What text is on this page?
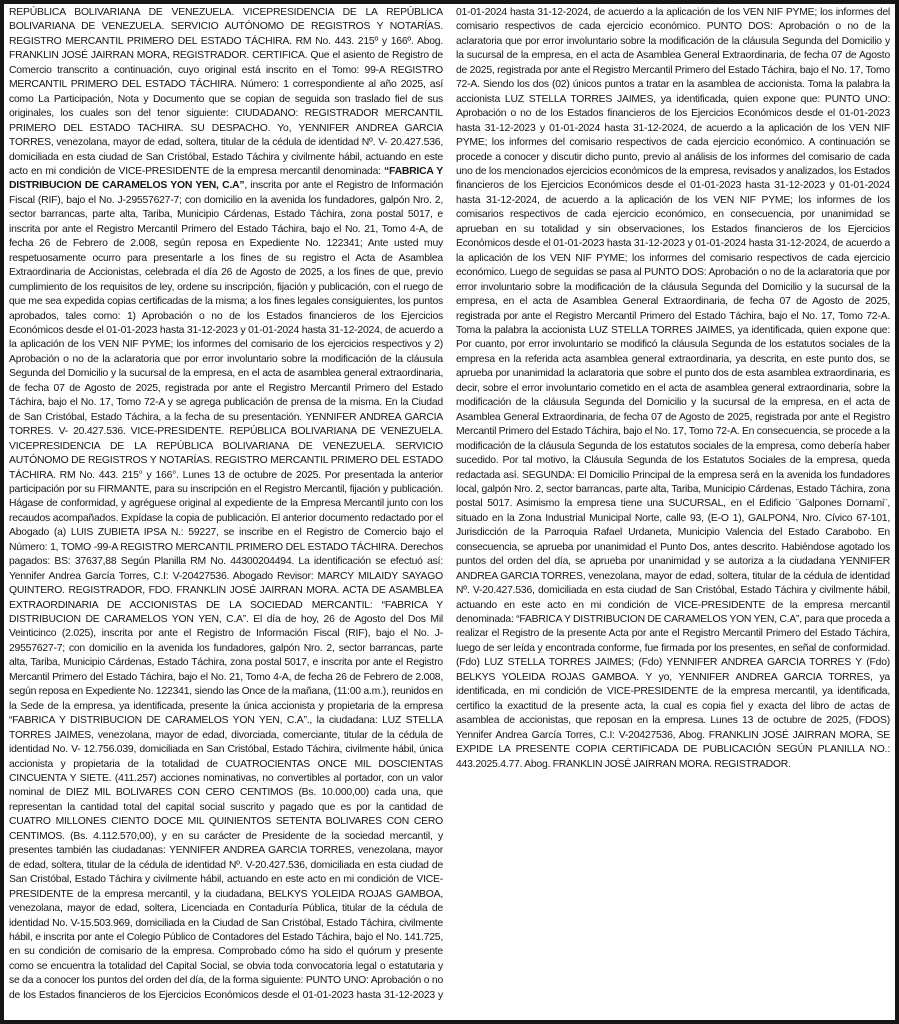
REPÚBLICA BOLIVARIANA DE VENEZUELA. VICEPRESIDENCIA DE LA REPÚBLICA BOLIVARIANA DE VENEZUELA. SERVICIO AUTÓNOMO DE REGISTROS Y NOTARÍAS. REGISTRO MERCANTIL PRIMERO DEL ESTADO TÁCHIRA. RM No. 443. 215º y 166º. Abog. FRANKLIN JOSÉ JAIRRAN MORA, REGISTRADOR. CERTIFICA. Que el asiento de Registro de Comercio transcrito a continuación, cuyo original está inscrito en el Tomo: 99-A REGISTRO MERCANTIL PRIMERO DEL ESTADO TÁCHIRA. Número: 1 correspondiente al año 2025, así como La Participación, Nota y Documento que se copian de seguida son traslado fiel de sus originales, los cuales son del tenor siguiente: CIUDADANO: REGISTRADOR MERCANTIL PRIMERO DEL ESTADO TACHIRA. SU DESPACHO. Yo, YENNIFER ANDREA GARCIA TORRES, venezolana, mayor de edad, soltera, titular de la cédula de identidad Nº. V- 20.427.536, domiciliada en esta ciudad de San Cristóbal, Estado Táchira y civilmente hábil, actuando en este acto en mi condición de VICE-PRESIDENTE de la empresa mercantil denominada: “FABRICA Y DISTRIBUCION DE CARAMELOS YON YEN, C.A”, inscrita por ante el Registro de Información Fiscal (RIF), bajo el No. J-29557627-7; con domicilio en la avenida los fundadores, galpón Nro. 2, sector barrancas, parte alta, Tariba, Municipio Cárdenas, Estado Táchira, zona postal 5017, e inscrita por ante el Registro Mercantil Primero del Estado Táchira, bajo el No. 21, Tomo 4-A, de fecha 26 de Febrero de 2.008, según reposa en Expediente No. 122341; Ante usted muy respetuosamente ocurro para presentarle a los fines de su registro el Acta de Asamblea Extraordinaria de Accionistas, celebrada el día 26 de Agosto de 2025, a los fines de que, previo cumplimiento de los requisitos de ley, ordene su inscripción, fijación y publicación, con el ruego de que me sea expedida copias certificadas de la misma; a los fines legales consiguientes, los puntos aprobados, tales como: 1) Aprobación o no de los Estados financieros de los Ejercicios Económicos desde el 01-01-2023 hasta 31-12-2023 y 01-01-2024 hasta 31-12-2024, de acuerdo a la aplicación de los VEN NIF PYME; los informes del comisario de los ejercicios respectivos y 2) Aprobación o no de la aclaratoria que por error involuntario sobre la modificación de la cláusula Segunda del Domicilio y la sucursal de la empresa, en el acta de asamblea general extraordinaria, de fecha 07 de Agosto de 2025, registrada por ante el Registro Mercantil Primero del Estado Táchira, bajo el No. 17, Tomo 72-A y se agrega publicación de prensa de la misma. En la Ciudad de San Cristóbal, Estado Táchira, a la fecha de su presentación. YENNIFER ANDREA GARCIA TORRES. V- 20.427.536. VICE-PRESIDENTE. REPÚBLICA BOLIVARIANA DE VENEZUELA. VICEPRESIDENCIA DE LA REPÚBLICA BOLIVARIANA DE VENEZUELA. SERVICIO AUTÓNOMO DE REGISTROS Y NOTARÍAS. REGISTRO MERCANTIL PRIMERO DEL ESTADO TÁCHIRA. RM No. 443. 215° y 166°. Lunes 13 de octubre de 2025. Por presentada la anterior participación por su FIRMANTE, para su inscripción en el Registro Mercantil, fijación y publicación. Hágase de conformidad, y agréguese original al expediente de la Empresa Mercantil junto con los recaudos acompañados. Expídase la copia de publicación. El anterior documento redactado por el Abogado (a) LUIS ZUBIETA IPSA N.: 59227, se inscribe en el Registro de Comercio bajo el Número: 1, TOMO -99-A REGISTRO MERCANTIL PRIMERO DEL ESTADO TÁCHIRA. Derechos pagados: BS: 37637,88 Según Planilla RM No. 44300204494. La identificación se efectuó así: Yennifer Andrea García Torres, C.I: V-20427536. Abogado Revisor: MARCY MILAIDY SAYAGO QUINTERO. REGISTRADOR, FDO. FRANKLIN JOSÉ JAIRRAN MORA. ACTA DE ASAMBLEA EXTRAORDINARIA DE ACCIONISTAS DE LA SOCIEDAD MERCANTIL: “FABRICA Y DISTRIBUCION DE CARAMELOS YON YEN, C.A”. El día de hoy, 26 de Agosto del Dos Mil Veinticinco (2.025), inscrita por ante el Registro de Información Fiscal (RIF), bajo el No. J-29557627-7; con domicilio en la avenida los fundadores, galpón Nro. 2, sector barrancas, parte alta, Tariba, Municipio Cárdenas, Estado Táchira, zona postal 5017, e inscrita por ante el Registro Mercantil Primero del Estado Táchira, bajo el No. 21, Tomo 4-A, de fecha 26 de Febrero de 2.008, según reposa en Expediente No. 122341, siendo las Once de la mañana, (11:00 a.m.), reunidos en la Sede de la empresa, ya identificada, presente la única accionista y propietaria de la empresa “FABRICA Y DISTRIBUCION DE CARAMELOS YON YEN, C.A”., la ciudadana: LUZ STELLA TORRES JAIMES, venezolana, mayor de edad, divorciada, comerciante, titular de la cédula de identidad No. V- 12.756.039, domiciliada en San Cristóbal, Estado Táchira, civilmente hábil, única accionista y propietaria de la totalidad de CUATROCIENTAS ONCE MIL DOSCIENTAS CINCUENTA Y SIETE. (411.257) acciones nominativas, no convertibles al portador, con un valor nominal de DIEZ MIL BOLIVARES CON CERO CENTIMOS (Bs. 10.000,00) cada una, que representan la cantidad total del capital social suscrito y pagado que es por la cantidad de CUATRO MILLONES CIENTO DOCE MIL QUINIENTOS SETENTA BOLIVARES CON CERO CENTIMOS. (Bs. 4.112.570,00), y en su carácter de Presidente de la sociedad mercantil, y presentes también las ciudadanas: YENNIFER ANDREA GARCIA TORRES, venezolana, mayor de edad, soltera, titular de la cédula de identidad Nº. V-20.427.536, domiciliada en esta ciudad de San Cristóbal, Estado Táchira y civilmente hábil, actuando en este acto en mi condición de VICE-PRESIDENTE de la empresa mercantil, y la ciudadana, BELKYS YOLEIDA ROJAS GAMBOA, venezolana, mayor de edad, soltera, Licenciada en Contaduría Pública, titular de la cédula de identidad No. V-15.503.969, domiciliada en la Ciudad de San Cristóbal, Estado Táchira, civilmente hábil, e inscrita por ante el Colegio Público de Contadores del Estado Táchira, bajo el No. 141.725, en su condición de comisario de la empresa. Comprobado cómo ha sido el quórum y presente como se encuentra la totalidad del Capital Social, se obvia toda convocatoria legal o estatutaria y se da a conocer los puntos del orden del día, de la forma siguiente: PUNTO UNO: Aprobación o no de los Estados financieros de los Ejercicios Económicos desde el 01-01-2023 hasta 31-12-2023 y 01-01-2024 hasta 31-12-2024, de acuerdo a la aplicación de los VEN NIF PYME; los informes del comisario respectivos de cada ejercicio económico. PUNTO DOS: Aprobación o no de la aclaratoria que por error involuntario sobre la modificación de la cláusula Segunda del Domicilio y la sucursal de la empresa, en el acta de Asamblea General Extraordinaria, de fecha 07 de Agosto de 2025, registrada por ante el Registro Mercantil Primero del Estado Táchira, bajo el No. 17, Tomo 72-A. Siendo los dos (02) únicos puntos a tratar en la asamblea de accionista. Toma la palabra la accionista LUZ STELLA TORRES JAIMES, ya identificada, quien expone que: PUNTO UNO: Aprobación o no de los Estados financieros de los Ejercicios Económicos desde el 01-01-2023 hasta 31-12-2023 y 01-01-2024 hasta 31-12-2024, de acuerdo a la aplicación de los VEN NIF PYME; los informes del comisario respectivos de cada ejercicio económico. A continuación se procede a conocer y discutir dicho punto, previo al análisis de los informes del comisario de cada uno de los mencionados ejercicios económicos de la empresa, revisados y analizados, los Estados financieros de los Ejercicios Económicos desde el 01-01-2023 hasta 31-12-2023 y 01-01-2024 hasta 31-12-2024, de acuerdo a la aplicación de los VEN NIF PYME; los informes de los comisarios respectivos de cada ejercicio económico, en consecuencia, por unanimidad se aprueban en su totalidad y sin observaciones, los Estados financieros de los Ejercicios Económicos desde el 01-01-2023 hasta 31-12-2023 y 01-01-2024 hasta 31-12-2024, de acuerdo a la aplicación de los VEN NIF PYME; los informes del comisario respectivos de cada ejercicio económico. Luego de seguidas se pasa al PUNTO DOS: Aprobación o no de la aclaratoria que por error involuntario sobre la modificación de la cláusula Segunda del Domicilio y la sucursal de la empresa, en el acta de Asamblea General Extraordinaria, de fecha 07 de Agosto de 2025, registrada por ante el Registro Mercantil Primero del Estado Táchira, bajo el No. 17, Tomo 72-A. Toma la palabra la accionista LUZ STELLA TORRES JAIMES, ya identificada, quien expone que: Por cuanto, por error involuntario se modificó la cláusula Segunda de los estatutos sociales de la empresa en la referida acta asamblea general extraordinaria, ya descrita, en este punto dos, se aprueba por unanimidad la aclaratoria que sobre el punto dos de esta asamblea extraordinaria, es decir, sobre el error involuntario cometido en el acta de asamblea general extraordinaria, sobre la modificación de la cláusula Segunda del Domicilio y la sucursal de la empresa, en el acta de Asamblea General Extraordinaria, de fecha 07 de Agosto de 2025, registrada por ante el Registro Mercantil Primero del Estado Táchira, bajo el No. 17, Tomo 72-A. En consecuencia, se procede a la modificación de la cláusula Segunda de los estatutos sociales de la empresa, como debería haber sucedido. Por tal motivo, la Cláusula Segunda de los Estatutos Sociales de la empresa, queda redactada así. SEGUNDA: El Domicilio Principal de la empresa será en la avenida los fundadores local, galpón Nro. 2, sector barrancas, parte alta, Tariba, Municipio Cárdenas, Estado Táchira, zona postal 5017. Asimismo la empresa tiene una SUCURSAL, en el Edificio ¨Galpones Dornami¨, situado en la Zona Industrial Municipal Norte, calle 93, (E-O 1), GALPON4, Nro. Cívico 67-101, Jurisdicción de la Parroquia Rafael Urdaneta, Municipio Valencia del Estado Carabobo. En consecuencia, se aprueba por unanimidad el Punto Dos, antes descrito. Habiéndose agotado los puntos del orden del día, se aprueba por unanimidad y se autoriza a la ciudadana YENNIFER ANDREA GARCIA TORRES, venezolana, mayor de edad, soltera, titular de la cédula de identidad Nº. V-20.427.536, domiciliada en esta ciudad de San Cristóbal, Estado Táchira y civilmente hábil, actuando en este acto en mi condición de VICE-PRESIDENTE de la empresa mercantil denominada: “FABRICA Y DISTRIBUCION DE CARAMELOS YON YEN, C.A”, para que proceda a realizar el Registro de la presente Acta por ante el Registro Mercantil Primero del Estado Táchira, luego de ser leída y encontrada conforme, fue firmada por los presentes, en señal de conformidad. (Fdo) LUZ STELLA TORRES JAIMES; (Fdo) YENNIFER ANDREA GARCIA TORRES Y (Fdo) BELKYS YOLEIDA ROJAS GAMBOA. Y yo, YENNIFER ANDREA GARCIA TORRES, ya identificada, en mi condición de VICE-PRESIDENTE de la empresa mercantil, ya identificada, certifico la exactitud de la presente acta, la cual es copia fiel y exacta del libro de actas de asamblea de accionistas, que reposan en la empresa. Lunes 13 de octubre de 2025, (FDOS) Yennifer Andrea García Torres, C.I: V-20427536, Abog. FRANKLIN JOSÉ JAIRRAN MORA, SE EXPIDE LA PRESENTE COPIA CERTIFICADA DE PUBLICACIÓN SEGÚN PLANILLA NO.: 443.2025.4.77. Abog. FRANKLIN JOSÉ JAIRRAN MORA. REGISTRADOR.
